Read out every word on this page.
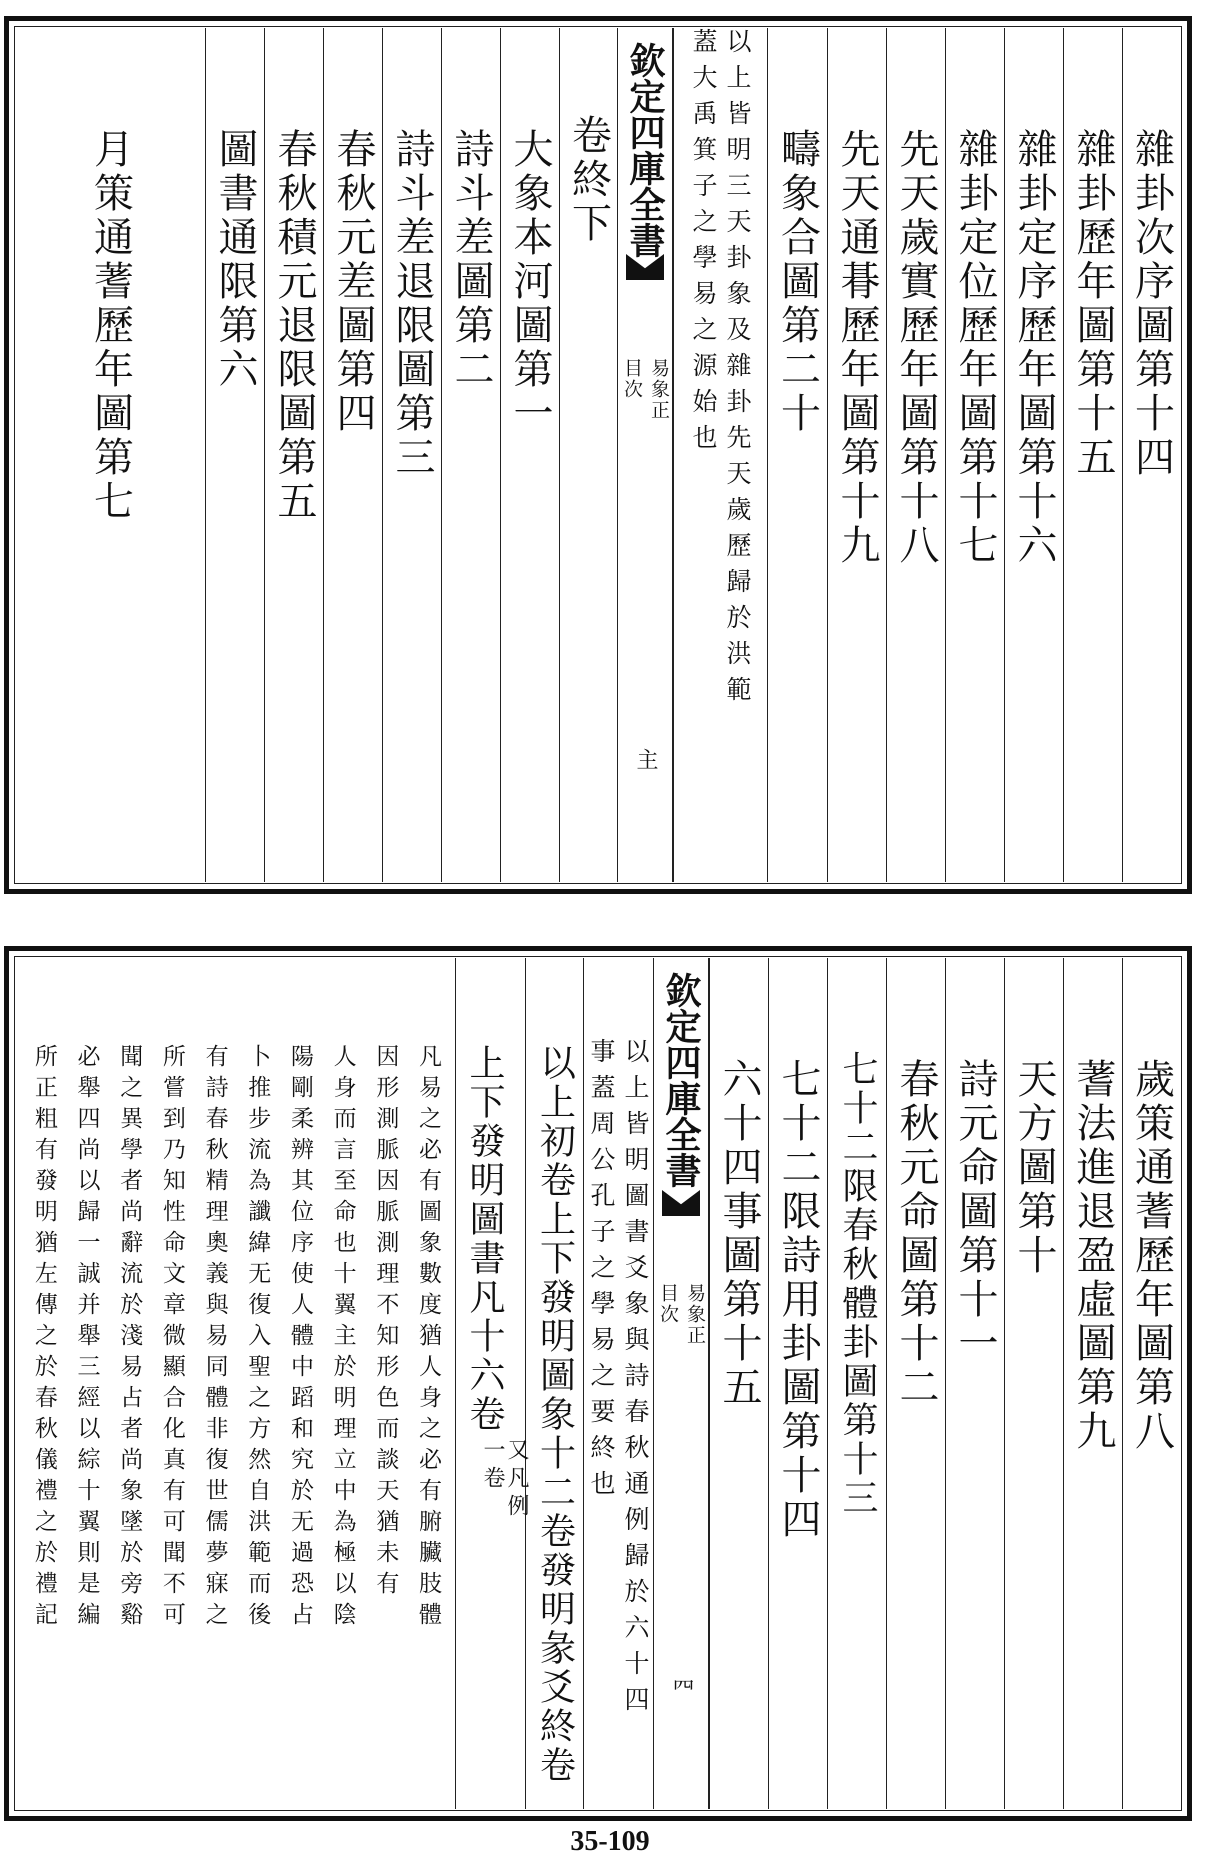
雜卦次序圖第十四
雜卦歷年圖第十五
雜卦定序歷年圖第十六
雜卦定位歷年圖第十七
先天歲實歷年圖第十八
先天通朞歷年圖第十九
疇象合圖第二十
以上皆明三天卦象及雜卦先天歲歷歸於洪範
蓋大禹箕子之學易之源始也
欽定四庫全書
易象正
目次
主
卷終下
大象本河圖第一
詩斗差圖第二
詩斗差退限圖第三
春秋元差圖第四
春秋積元退限圖第五
圖書通限第六
月策通蓍歷年圖第七
歲策通蓍歷年圖第八
蓍法進退盈虛圖第九
天方圖第十
詩元命圖第十一
春秋元命圖第十二
七十二限春秋體卦圖第十三
七十二限詩用卦圖第十四
六十四事圖第十五
欽定四庫全書
易象正
目次
𦉪
以上皆明圖書爻象與詩春秋通例歸於六十四
事蓋周公孔子之學易之要終也
以上初卷上下發明圖象十二卷發明彖爻終卷
上下發明圖書凡十六卷
又凡例
一卷
凡易之必有圖象數度猶人身之必有腑臟肢體
因形測脈因脈測理不知形色而談天猶未有
人身而言至命也十翼主於明理立中為極以陰
陽剛柔辨其位序使人體中蹈和究於无過恐占
卜推步流為讖緯无復入聖之方然自洪範而後
有詩春秋精理奧義與易同體非復世儒夢寐之
所嘗到乃知性命文章微顯合化真有可聞不可
聞之異學者尚辭流於淺易占者尚象墜於旁谿
必舉四尚以歸一誠并舉三經以綜十翼則是編
所正粗有發明猶左傳之於春秋儀禮之於禮記
35-109
